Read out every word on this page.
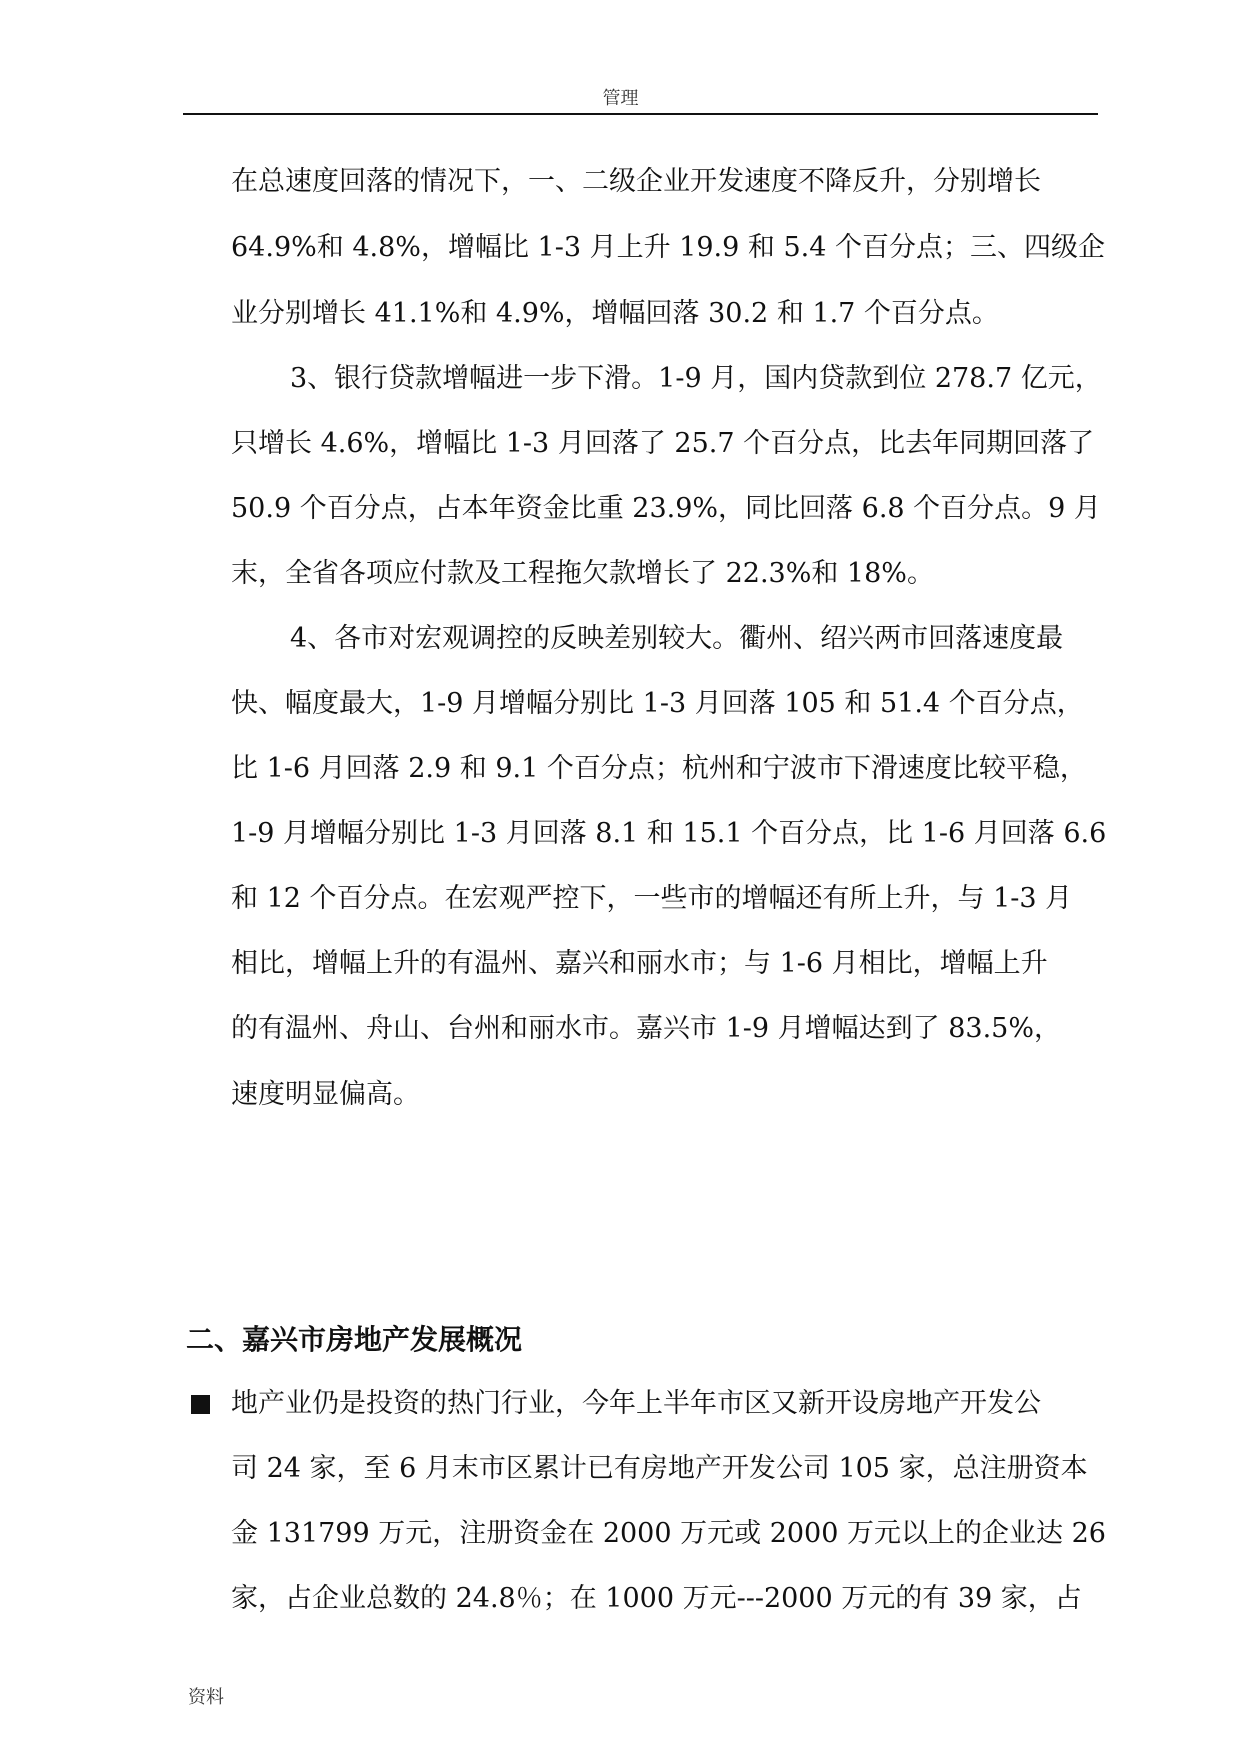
管理
在总速度回落的情况下，一、二级企业开发速度不降反升，分别增长
64.9%和 4.8%，增幅比 1-3 月上升 19.9 和 5.4 个百分点；三、四级企
业分别增长 41.1%和 4.9%，增幅回落 30.2 和 1.7 个百分点。
3、银行贷款增幅进一步下滑。1-9 月，国内贷款到位 278.7 亿元，
只增长 4.6%，增幅比 1-3 月回落了 25.7 个百分点，比去年同期回落了
50.9 个百分点，占本年资金比重 23.9%，同比回落 6.8 个百分点。9 月
末，全省各项应付款及工程拖欠款增长了 22.3%和 18%。
4、各市对宏观调控的反映差别较大。衢州、绍兴两市回落速度最
快、幅度最大，1-9 月增幅分别比 1-3 月回落 105 和 51.4 个百分点，
比 1-6 月回落 2.9 和 9.1 个百分点；杭州和宁波市下滑速度比较平稳，
1-9 月增幅分别比 1-3 月回落 8.1 和 15.1 个百分点，比 1-6 月回落 6.6
和 12 个百分点。在宏观严控下，一些市的增幅还有所上升，与 1-3 月
相比，增幅上升的有温州、嘉兴和丽水市；与 1-6 月相比，增幅上升
的有温州、舟山、台州和丽水市。嘉兴市 1-9 月增幅达到了 83.5%，
速度明显偏高。
二、嘉兴市房地产发展概况
地产业仍是投资的热门行业，今年上半年市区又新开设房地产开发公
司 24 家，至 6 月末市区累计已有房地产开发公司 105 家，总注册资本
金 131799 万元，注册资金在 2000 万元或 2000 万元以上的企业达 26
家，占企业总数的 24.8％；在 1000 万元---2000 万元的有 39 家，占
资料
